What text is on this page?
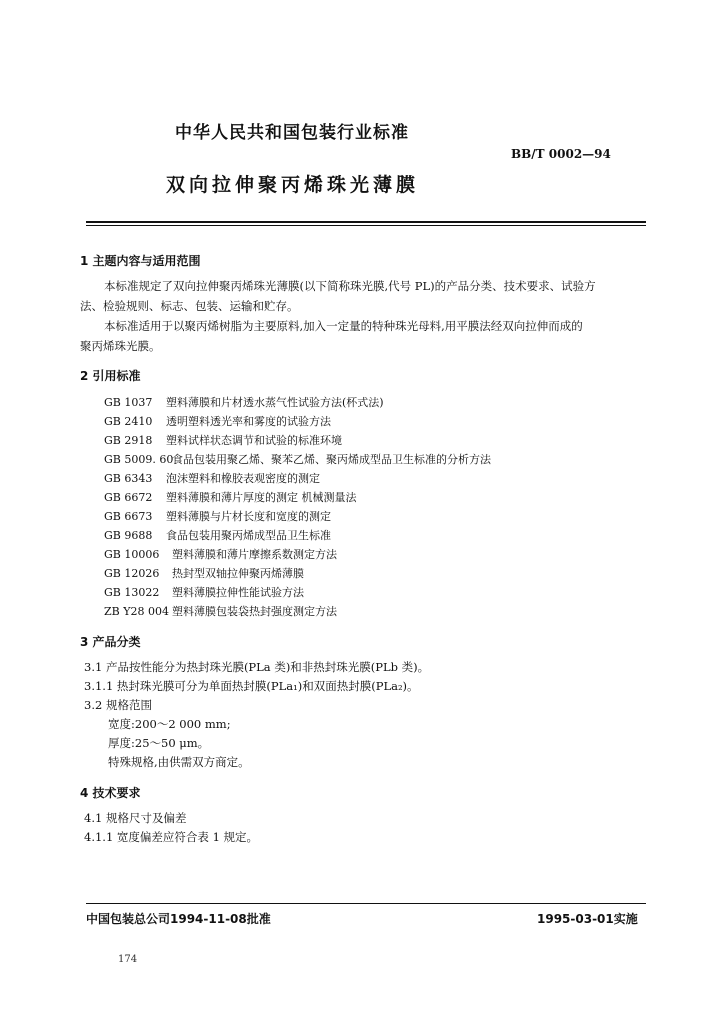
中华人民共和国包装行业标准
BB/T 0002—94
双向拉伸聚丙烯珠光薄膜
1 主题内容与适用范围
本标准规定了双向拉伸聚丙烯珠光薄膜(以下简称珠光膜,代号 PL)的产品分类、技术要求、试验方
法、检验规则、标志、包装、运输和贮存。
本标准适用于以聚丙烯树脂为主要原料,加入一定量的特种珠光母料,用平膜法经双向拉伸而成的
聚丙烯珠光膜。
2 引用标准
GB 1037 塑料薄膜和片材透水蒸气性试验方法(杯式法)
GB 2410 透明塑料透光率和雾度的试验方法
GB 2918 塑料试样状态调节和试验的标准环境
GB 5009. 60食品包装用聚乙烯、聚苯乙烯、聚丙烯成型品卫生标准的分析方法
GB 6343 泡沫塑料和橡胶表观密度的测定
GB 6672 塑料薄膜和薄片厚度的测定 机械测量法
GB 6673 塑料薄膜与片材长度和宽度的测定
GB 9688 食品包装用聚丙烯成型品卫生标准
GB 10006 塑料薄膜和薄片摩擦系数测定方法
GB 12026 热封型双轴拉伸聚丙烯薄膜
GB 13022 塑料薄膜拉伸性能试验方法
ZB Y28 004 塑料薄膜包装袋热封强度测定方法
3 产品分类
3.1 产品按性能分为热封珠光膜(PLa 类)和非热封珠光膜(PLb 类)。
3.1.1 热封珠光膜可分为单面热封膜(PLa₁)和双面热封膜(PLa₂)。
3.2 规格范围
宽度:200～2 000 mm;
厚度:25～50 μm。
特殊规格,由供需双方商定。
4 技术要求
4.1 规格尺寸及偏差
4.1.1 宽度偏差应符合表 1 规定。
中国包装总公司1994-11-08批准	1995-03-01实施
174
